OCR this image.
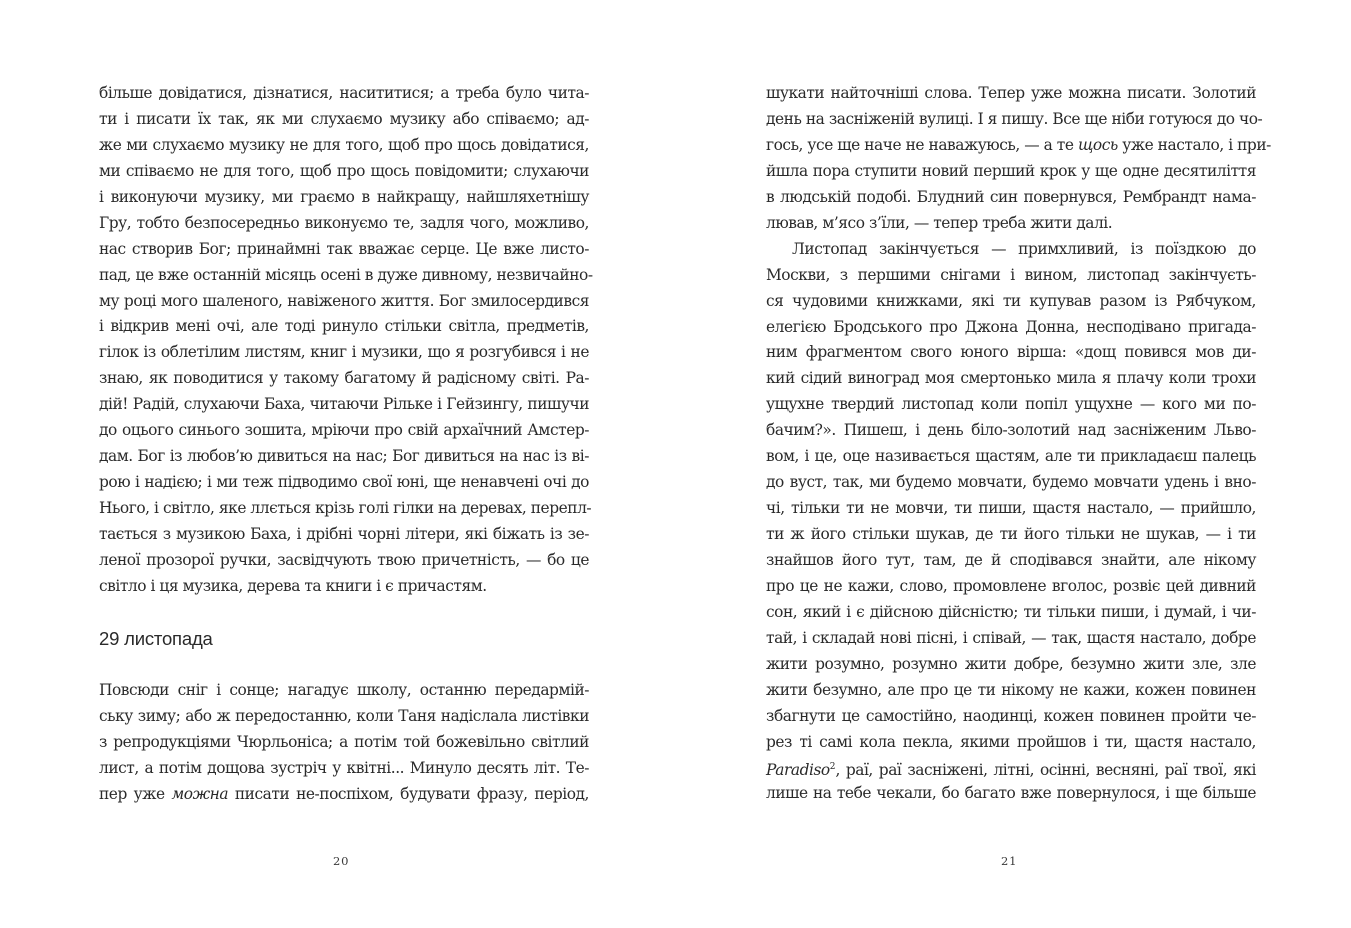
більше довідатися, дізнатися, насититися; а треба було чита-
ти і писати їх так, як ми слухаємо музику або співаємо; ад-
же ми слухаємо музику не для того, щоб про щось довідатися,
ми співаємо не для того, щоб про щось повідомити; слухаючи
і виконуючи музику, ми граємо в найкращу, найшляхетнішу
Гру, тобто безпосередньо виконуємо те, задля чого, можливо,
нас створив Бог; принаймні так вважає серце. Це вже листо-
пад, це вже останній місяць осені в дуже дивному, незвичайно-
му році мого шаленого, навіженого життя. Бог змилосердився
і відкрив мені очі, але тоді ринуло стільки світла, предметів,
гілок із облетілим листям, книг і музики, що я розгубився і не
знаю, як поводитися у такому багатому й радісному світі. Ра-
дій! Радій, слухаючи Баха, читаючи Рільке і Гейзингу, пишучи
до оцього синього зошита, мріючи про свій архаїчний Амстер-
дам. Бог із любов’ю дивиться на нас; Бог дивиться на нас із ві-
рою і надією; і ми теж підводимо свої юні, ще ненавчені очі до
Нього, і світло, яке ллється крізь голі гілки на деревах, перепл-
тається з музикою Баха, і дрібні чорні літери, які біжать із зе-
леної прозорої ручки, засвідчують твою причетність, — бо це
світло і ця музика, дерева та книги і є причастям.
29 листопада
Повсюди сніг і сонце; нагадує школу, останню передармій-
ську зиму; або ж передостанню, коли Таня надіслала листівки
з репродукціями Чюрльоніса; а потім той божевільно світлий
лист, а потім дощова зустріч у квітні... Минуло десять літ. Те-
пер уже можна писати не-поспіхом, будувати фразу, період,
20
шукати найточніші слова. Тепер уже можна писати. Золотий
день на засніженій вулиці. І я пишу. Все ще ніби готуюся до чо-
гось, усе ще наче не наважуюсь, — а те щось уже настало, і при-
йшла пора ступити новий перший крок у ще одне десятиліття
в людській подобі. Блудний син повернувся, Рембрандт нама-
лював, м’ясо з’їли, — тепер треба жити далі.
Листопад закінчується — примхливий, із поїздкою до
Москви, з першими снігами і вином, листопад закінчуєть-
ся чудовими книжками, які ти купував разом із Рябчуком,
елегією Бродського про Джона Донна, несподівано пригада-
ним фрагментом свого юного вірша: «дощ повився мов ди-
кий сідий виноград моя смертонько мила я плачу коли трохи
ущухне твердий листопад коли попіл ущухне — кого ми по-
бачим?». Пишеш, і день біло-золотий над засніженим Льво-
вом, і це, оце називається щастям, але ти прикладаєш палець
до вуст, так, ми будемо мовчати, будемо мовчати удень і вно-
чі, тільки ти не мовчи, ти пиши, щастя настало, — прийшло,
ти ж його стільки шукав, де ти його тільки не шукав, — і ти
знайшов його тут, там, де й сподівався знайти, але нікому
про це не кажи, слово, промовлене вголос, розвіє цей дивний
сон, який і є дійсною дійсністю; ти тільки пиши, і думай, і чи-
тай, і складай нові пісні, і співай, — так, щастя настало, добре
жити розумно, розумно жити добре, безумно жити зле, зле
жити безумно, але про це ти нікому не кажи, кожен повинен
збагнути це самостійно, наодинці, кожен повинен пройти че-
рез ті самі кола пекла, якими пройшов і ти, щастя настало,
Paradiso$^2$, раї, раї засніжені, літні, осінні, весняні, раї твої, які
лише на тебе чекали, бо багато вже повернулося, і ще більше
21
